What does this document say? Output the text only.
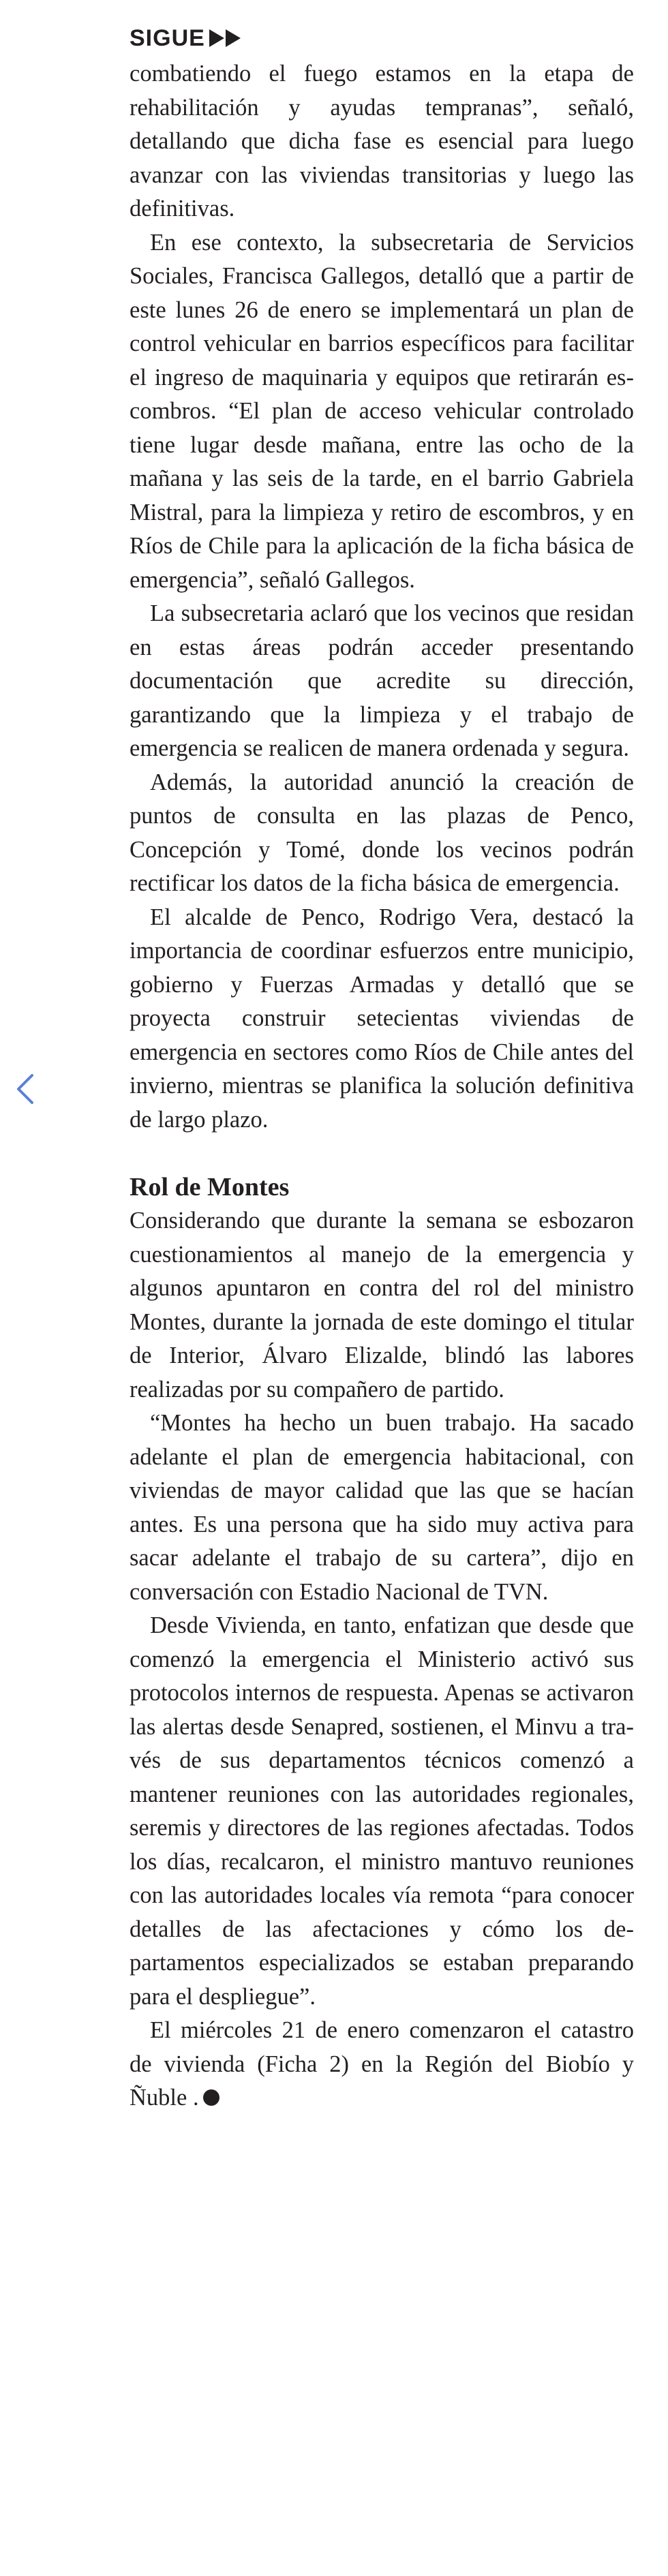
SIGUE

combatiendo el fuego estamos en la etapa de rehabilitación y ayudas tempranas”, señaló, detallando que dicha fase es esencial para luego avanzar con las viviendas transitorias y luego las definitivas.

En ese contexto, la subsecretaria de Servicios Sociales, Francisca Gallegos, detalló que a partir de este lunes 26 de enero se implementará un plan de control vehicular en barrios específicos para facilitar el ingreso de maquinaria y equipos que retirarán escombros. “El plan de acceso vehicular controlado tiene lugar desde mañana, entre las ocho de la mañana y las seis de la tarde, en el barrio Gabriela Mistral, para la limpieza y retiro de escombros, y en Ríos de Chile para la aplicación de la ficha básica de emergencia”, señaló Gallegos.

La subsecretaria aclaró que los vecinos que residan en estas áreas podrán acceder presentando documentación que acredite su dirección, garantizando que la limpieza y el trabajo de emergencia se realicen de manera ordenada y segura.

Además, la autoridad anunció la creación de puntos de consulta en las plazas de Penco, Concepción y Tomé, donde los vecinos podrán rectificar los datos de la ficha básica de emergencia.

El alcalde de Penco, Rodrigo Vera, destacó la importancia de coordinar esfuerzos entre municipio, gobierno y Fuerzas Armadas y detalló que se proyecta construir setecientas viviendas de emergencia en sectores como Ríos de Chile antes del invierno, mientras se planifica la solución definitiva de largo plazo.

Rol de Montes

Considerando que durante la semana se esbozaron cuestionamientos al manejo de la emergencia y algunos apuntaron en contra del rol del ministro Montes, durante la jornada de este domingo el titular de Interior, Álvaro Elizalde, blindó las labores realizadas por su compañero de partido.

“Montes ha hecho un buen trabajo. Ha sacado adelante el plan de emergencia habitacional, con viviendas de mayor calidad que las que se hacían antes. Es una persona que ha sido muy activa para sacar adelante el trabajo de su cartera”, dijo en conversación con Estadio Nacional de TVN.

Desde Vivienda, en tanto, enfatizan que desde que comenzó la emergencia el Ministerio activó sus protocolos internos de respuesta. Apenas se activaron las alertas desde Senapred, sostienen, el Minvu a través de sus departamentos técnicos comenzó a mantener reuniones con las autoridades regionales, seremis y directores de las regiones afectadas. Todos los días, recalcaron, el ministro mantuvo reuniones con las autoridades locales vía remota “para conocer detalles de las afectaciones y cómo los departamentos especializados se estaban preparando para el despliegue”.

El miércoles 21 de enero comenzaron el catastro de vivienda (Ficha 2) en la Región del Biobío y Ñuble .
